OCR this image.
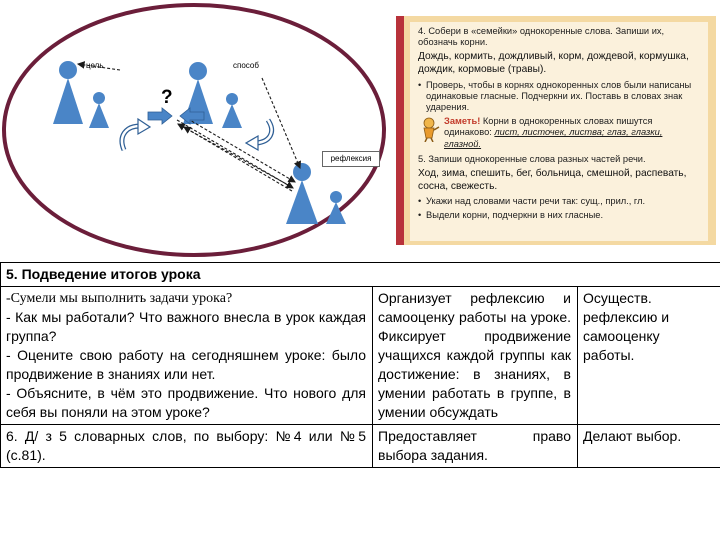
цель	способ
?
рефлексия

4. Собери в «семейки» однокоренные слова. Запиши их, обозначь корни.

Дождь, кормить, дождливый, корм, дождевой, кормушка, дождик, кормовые (травы).

• Проверь, чтобы в корнях однокоренных слов были написаны одинаковые гласные. Подчеркни их. Поставь в словах знак ударения.

Заметь! Корни в однокоренных словах пишутся одинаково: лист, листочек, листва; глаз, глазки, глазной.

5. Запиши однокоренные слова разных частей речи.

Ход, зима, спешить, бег, больница, смешной, распевать, сосна, свежесть.

• Укажи над словами части речи так: сущ., прил., гл.

• Выдели корни, подчеркни в них гласные.

5. Подведение итогов урока		

-Сумели мы выполнить задачи урока?
- Как мы работали? Что важного внесла в урок каждая группа?
- Оцените свою работу на сегодняшнем уроке: было продвижение в знаниях или нет.
- Объясните, в чём это продвижение. Что нового для себя вы поняли на этом уроке?	Организует рефлексию и самооценку работы на уроке. Фиксирует продвижение учащихся каждой группы как достижение: в знаниях, в умении работать в группе, в умении обсуждать	Осуществ. рефлексию и самооценку работы.
6. Д/ з 5 словарных слов, по выбору: №4 или №5 (с.81).	Предоставляет право выбора задания.	Делают выбор.
